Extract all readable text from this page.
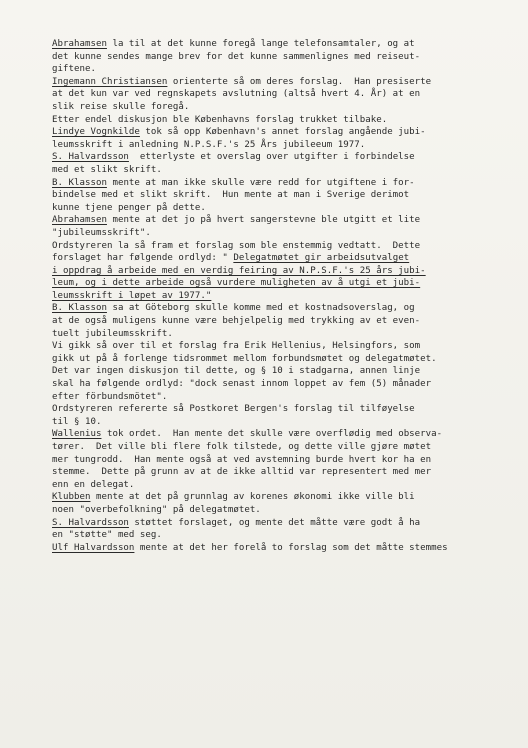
Abrahamsen la til at det kunne foregå lange telefonsamtaler, og at
det kunne sendes mange brev for det kunne sammenlignes med reiseut-
giftene.
Ingemann Christiansen orienterte så om deres forslag.  Han presiserte
at det kun var ved regnskapets avslutning (altså hvert 4. År) at en
slik reise skulle foregå.
Etter endel diskusjon ble Københavns forslag trukket tilbake.
Lindye Vognkilde tok så opp København's annet forslag angående jubi-
leumsskrift i anledning N.P.S.F.'s 25 Års jubileeum 1977.
S. Halvardsson  etterlyste et overslag over utgifter i forbindelse
med et slikt skrift.
B. Klasson mente at man ikke skulle være redd for utgiftene i for-
bindelse med et slikt skrift.  Hun mente at man i Sverige derimot
kunne tjene penger på dette.
Abrahamsen mente at det jo på hvert sangerstevne ble utgitt et lite
"jubileumsskrift".
Ordstyreren la så fram et forslag som ble enstemmig vedtatt.  Dette
forslaget har følgende ordlyd: " Delegatmøtet gir arbeidsutvalget
i oppdrag å arbeide med en verdig feiring av N.P.S.F.'s 25 års jubi-
leum, og i dette arbeide også vurdere muligheten av å utgi et jubi-
leumsskrift i løpet av 1977."
B. Klasson sa at Göteborg skulle komme med et kostnadsoverslag, og
at de også muligens kunne være behjelpelig med trykking av et even-
tuelt jubileumsskrift.
Vi gikk så over til et forslag fra Erik Hellenius, Helsingfors, som
gikk ut på å forlenge tidsrommet mellom forbundsmøtet og delegatmøtet.
Det var ingen diskusjon til dette, og § 10 i stadgarna, annen linje
skal ha følgende ordlyd: "dock senast innom loppet av fem (5) månader
efter förbundsmötet".
Ordstyreren refererte så Postkoret Bergen's forslag til tilføyelse
til § 10.
Wallenius tok ordet.  Han mente det skulle være overflødig med observa-
tører.  Det ville bli flere folk tilstede, og dette ville gjøre møtet
mer tungrodd.  Han mente også at ved avstemning burde hvert kor ha en
stemme.  Dette på grunn av at de ikke alltid var representert med mer
enn en delegat.
Klubben mente at det på grunnlag av korenes økonomi ikke ville bli
noen "overbefolkning" på delegatmøtet.
S. Halvardsson støttet forslaget, og mente det måtte være godt å ha
en "støtte" med seg.
Ulf Halvardsson mente at det her forelå to forslag som det måtte stemmes
